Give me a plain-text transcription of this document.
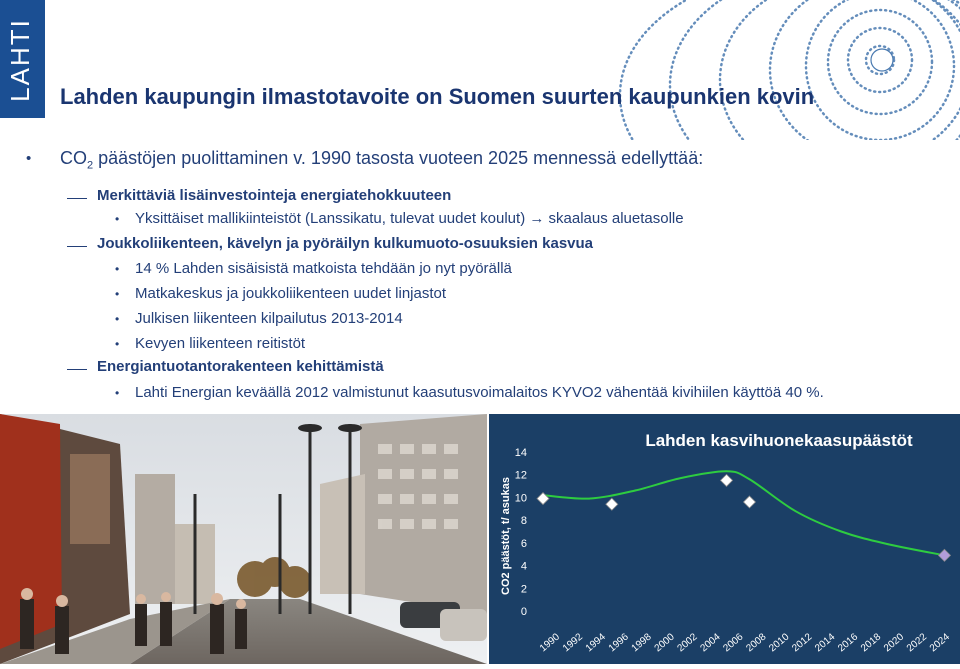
LAHTI Lahden kaupungin ilmastotavoite on Suomen suurten kaupunkien kovin
• $CO_2$ päästöjen puolittaminen v. 1990 tasosta vuoteen 2025 mennessä edellyttää:
Merkittäviä lisäinvestointeja energiatehokkuuteen
• Yksittäiset mallikiinteistöt (Lanssikatu, tulevat uudet koulut) → skaalaus aluetasolle
Joukkoliikenteen, kävelyn ja pyöräilyn kulkumuoto-osuuksien kasvua
• 14 % Lahden sisäisistä matkoista tehdään jo nyt pyörällä
• Matkakeskus ja joukkoliikenteen uudet linjastot
• Julkisen liikenteen kilpailutus 2013-2014
• Kevyen liikenteen reitistöt
Energiantuotantorakenteen kehittämistä
• Lahti Energian keväällä 2012 valmistunut kaasutusvoimalaitos KYVO2 vähentää kivihiilen käyttöä 40 %.
Lahden kasvihuonekaasupäästöt
CO2 päästöt, t/ asukas
0
2
4
6
8
10
12
14
1990
1992
1994
1996
1998
2000
2002
2004
2006
2008
2010
2012
2014
2016
2018
2020
2022
2024
